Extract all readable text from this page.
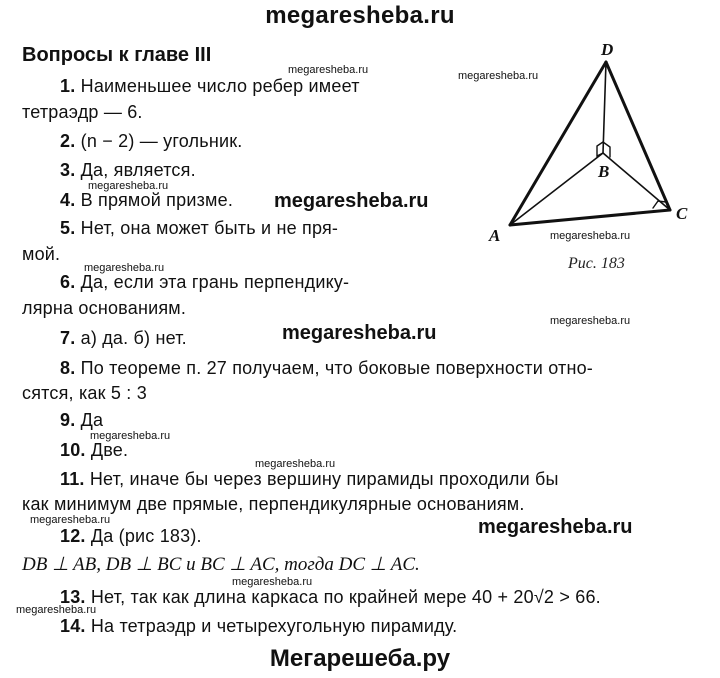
megaresheba.ru
Вопросы к главе III
1. Наименьшее число ребер имеет
тетраэдр — 6.
2. (n − 2) — угольник.
3. Да, является.
4. В прямой призме.
5. Нет, она может быть и не пря-
мой.
6. Да, если эта грань перпендику-
лярна основаниям.
7. а) да. б) нет.
8. По теореме п. 27 получаем, что боковые поверхности отно-
сятся, как 5 : 3
9. Да
10. Две.
11. Нет, иначе бы через вершину пирамиды проходили бы
как минимум две прямые, перпендикулярные основаниям.
12. Да (рис 183).
DB ⊥ AB, DB ⊥ BC и BC ⊥ AC, тогда DC ⊥ AC.
13. Нет, так как длина каркаса по крайней мере 40 + 20√2 > 66.
14. На тетраэдр и четырехугольную пирамиду.
D
B
C
A
Рис. 183
megaresheba.ru	megaresheba.ru
megaresheba.ru
megaresheba.ru
megaresheba.ru
megaresheba.ru
megaresheba.ru
megaresheba.ru
megaresheba.ru
megaresheba.ru
megaresheba.ru
megaresheba.ru
megaresheba.ru
megaresheba.ru
Мегарешеба.ру
